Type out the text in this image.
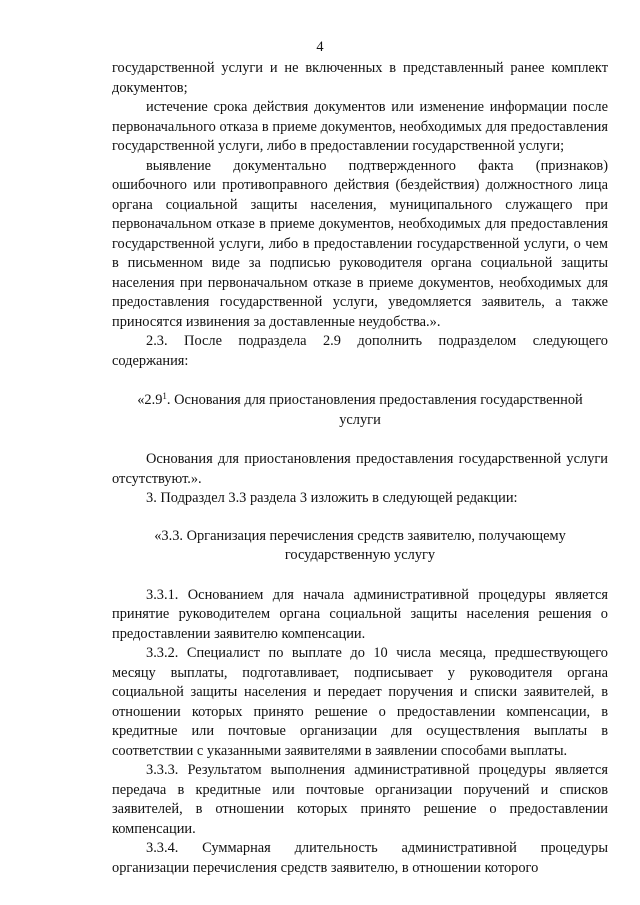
4

государственной услуги и не включенных в представленный ранее комплект документов;

истечение срока действия документов или изменение информации после первоначального отказа в приеме документов, необходимых для предоставления государственной услуги, либо в предоставлении государственной услуги;

выявление документально подтвержденного факта (признаков) ошибочного или противоправного действия (бездействия) должностного лица органа социальной защиты населения, муниципального служащего при первоначальном отказе в приеме документов, необходимых для предоставления государственной услуги, либо в предоставлении государственной услуги, о чем в письменном виде за подписью руководителя органа социальной защиты населения при первоначальном отказе в приеме документов, необходимых для предоставления государственной услуги, уведомляется заявитель, а также приносятся извинения за доставленные неудобства.».

2.3. После подраздела 2.9 дополнить подразделом следующего содержания:

«$2.9^1$. Основания для приостановления предоставления государственной услуги

Основания для приостановления предоставления государственной услуги отсутствуют.».

3. Подраздел 3.3 раздела 3 изложить в следующей редакции:

«3.3. Организация перечисления средств заявителю, получающему государственную услугу

3.3.1. Основанием для начала административной процедуры является принятие руководителем органа социальной защиты населения решения о предоставлении заявителю компенсации.

3.3.2. Специалист по выплате до 10 числа месяца, предшествующего месяцу выплаты, подготавливает, подписывает у руководителя органа социальной защиты населения и передает поручения и списки заявителей, в отношении которых принято решение о предоставлении компенсации, в кредитные или почтовые организации для осуществления выплаты в соответствии с указанными заявителями в заявлении способами выплаты.

3.3.3. Результатом выполнения административной процедуры является передача в кредитные или почтовые организации поручений и списков заявителей, в отношении которых принято решение о предоставлении компенсации.

3.3.4. Суммарная длительность административной процедуры организации перечисления средств заявителю, в отношении которого
